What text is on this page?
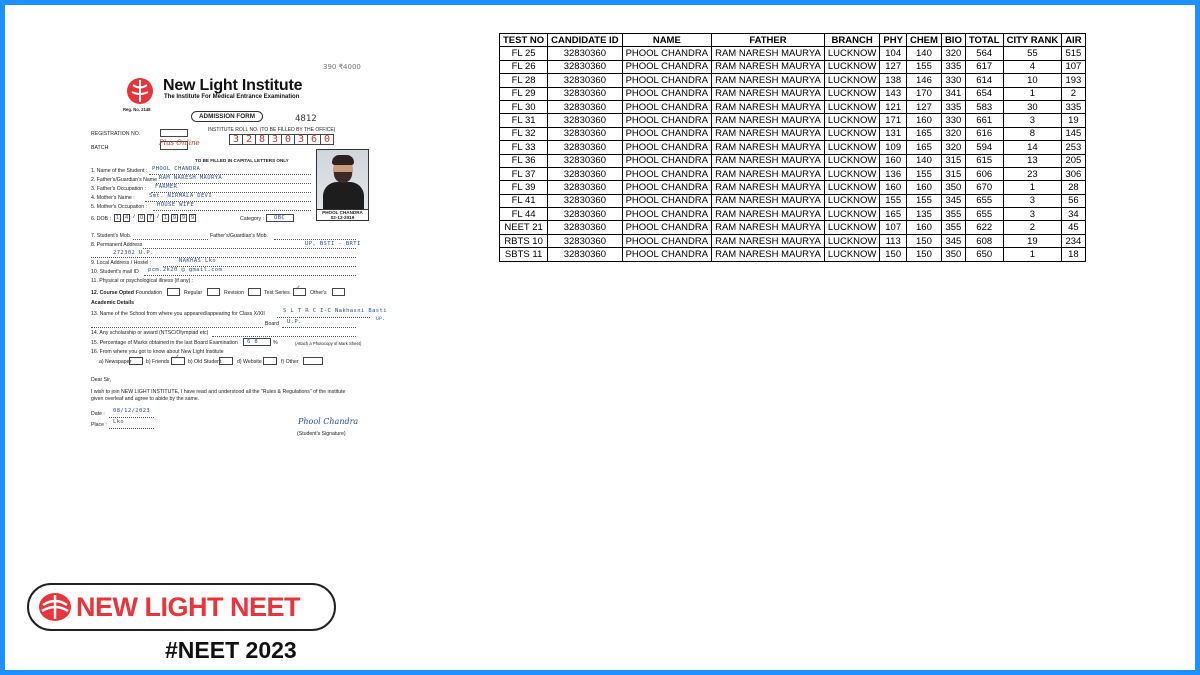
390 ₹4000
Reg. No. 2148
New Light Institute
The Institute For Medical Entrance Examination
ADMISSION FORM	4812
INSTITUTE ROLL NO. (TO BE FILLED BY THE OFFICE)
3 2 8 3 0 3 6 0
REGISTRATION NO.
BATCH
Plus Online
TO BE FILLED IN CAPITAL LETTERS ONLY
PHOOL CHANDRA
02-12-2019
1. Name of the Student : PHOOL CHANDRA
2. Father's/Guardian's Name : RAM NARESH MAURYA
3. Father's Occupation : FARMER
4. Mother's Name :	Smt. NIRMALA DEVI
5. Mother's Occupation : HOUSE WIFE
6. DOB : 1	4 / 0	7 / 1	9	9	9	Category : OBC
7. Student's Mob.	Father's/Guardian's Mob.
8. Permanent Address	UP, BSTI - BRTI
272302 U.P.
9. Local Address / Hostel :	NAKHAS Lko
10. Student's mail ID pcm.2k20 @ gmail.com
11. Physical or psychological illness (if any) :
12. Course Opted :
Foundation	Regular	Revision	Test Series
✓
Other's
Academic Details
13. Name of the School from where you appeared/appearing for Class X/XII	S L T R C I-C Nakhasni Basti
UP.
Board U.P.
14. Any scholarship or award (NTSC/Olympiad etc)
15. Percentage of Marks obtained in the last Board Examination 6 8	%	(Attach a Photocopy of Mark Sheet)
16. From where you got to know about New Light Institute
a) Newspaper	b) Friends
✓
b) Old Student	d) Website	f) Other
Dear Sir,
I wish to join NEW LIGHT INSTITUTE, I have read and understood all the "Rules & Regulations" of the institute
given overleaf and agree to abide by the same.
Date : 08/12/2023
Place : Lko	Phool Chandra
(Student's Signature)
TEST NO	CANDIDATE ID	NAME	FATHER	BRANCH	PHY	CHEM	BIO	TOTAL	CITY RANK	AIR
FL 25	32830360	PHOOL CHANDRA	RAM NARESH MAURYA	LUCKNOW	104	140	320	564	55	515
FL 26	32830360	PHOOL CHANDRA	RAM NARESH MAURYA	LUCKNOW	127	155	335	617	4	107
FL 28	32830360	PHOOL CHANDRA	RAM NARESH MAURYA	LUCKNOW	138	146	330	614	10	193
FL 29	32830360	PHOOL CHANDRA	RAM NARESH MAURYA	LUCKNOW	143	170	341	654	1	2
FL 30	32830360	PHOOL CHANDRA	RAM NARESH MAURYA	LUCKNOW	121	127	335	583	30	335
FL 31	32830360	PHOOL CHANDRA	RAM NARESH MAURYA	LUCKNOW	171	160	330	661	3	19
FL 32	32830360	PHOOL CHANDRA	RAM NARESH MAURYA	LUCKNOW	131	165	320	616	8	145
FL 33	32830360	PHOOL CHANDRA	RAM NARESH MAURYA	LUCKNOW	109	165	320	594	14	253
FL 36	32830360	PHOOL CHANDRA	RAM NARESH MAURYA	LUCKNOW	160	140	315	615	13	205
FL 37	32830360	PHOOL CHANDRA	RAM NARESH MAURYA	LUCKNOW	136	155	315	606	23	306
FL 39	32830360	PHOOL CHANDRA	RAM NARESH MAURYA	LUCKNOW	160	160	350	670	1	28
FL 41	32830360	PHOOL CHANDRA	RAM NARESH MAURYA	LUCKNOW	155	155	345	655	3	56
FL 44	32830360	PHOOL CHANDRA	RAM NARESH MAURYA	LUCKNOW	165	135	355	655	3	34
NEET 21	32830360	PHOOL CHANDRA	RAM NARESH MAURYA	LUCKNOW	107	160	355	622	2	45
RBTS 10	32830360	PHOOL CHANDRA	RAM NARESH MAURYA	LUCKNOW	113	150	345	608	19	234
SBTS 11	32830360	PHOOL CHANDRA	RAM NARESH MAURYA	LUCKNOW	150	150	350	650	1	18
NEW LIGHT NEET
#NEET 2023
